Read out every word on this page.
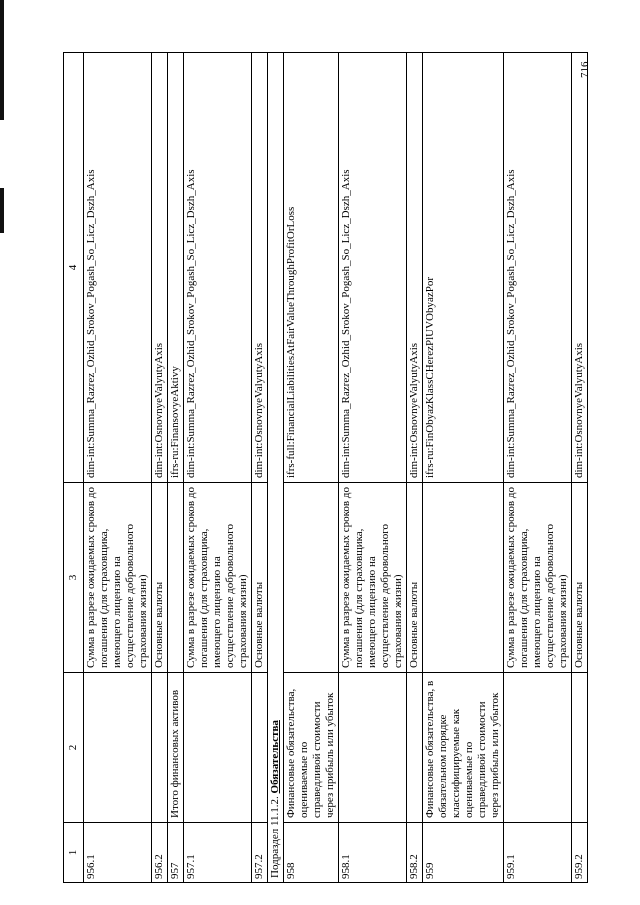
716
1	2	3	4
956.1		Сумма в разрезе ожидаемых сроков до погашения (для страховщика, имеющего лицензию на осуществление добровольного страхования жизни)	dim-int:Summa_Razrez_Ozhid_Srokov_Pogash_So_Licz_Dszh_Axis
956.2		Основные валюты	dim-int:OsnovnyeValyutyAxis
957	Итого финансовых активов		ifrs-ru:FinansovyeAktivy
957.1		Сумма в разрезе ожидаемых сроков до погашения (для страховщика, имеющего лицензию на осуществление добровольного страхования жизни)	dim-int:Summa_Razrez_Ozhid_Srokov_Pogash_So_Licz_Dszh_Axis
957.2		Основные валюты	dim-int:OsnovnyeValyutyAxis
Подраздел 11.1.2. Обязательства			
958	Финансовые обязательства, оцениваемые по справедливой стоимости через прибыль или убыток		ifrs-full:FinancialLiabilitiesAtFairValueThroughProfitOrLoss
958.1		Сумма в разрезе ожидаемых сроков до погашения (для страховщика, имеющего лицензию на осуществление добровольного страхования жизни)	dim-int:Summa_Razrez_Ozhid_Srokov_Pogash_So_Licz_Dszh_Axis
958.2		Основные валюты	dim-int:OsnovnyeValyutyAxis
959	Финансовые обязательства, в обязательном порядке классифицируемые как оцениваемые по справедливой стоимости через прибыль или убыток		ifrs-ru:FinObyazKlassCHerezPlUVObyazPor
959.1		Сумма в разрезе ожидаемых сроков до погашения (для страховщика, имеющего лицензию на осуществление добровольного страхования жизни)	dim-int:Summa_Razrez_Ozhid_Srokov_Pogash_So_Licz_Dszh_Axis
959.2		Основные валюты	dim-int:OsnovnyeValyutyAxis
